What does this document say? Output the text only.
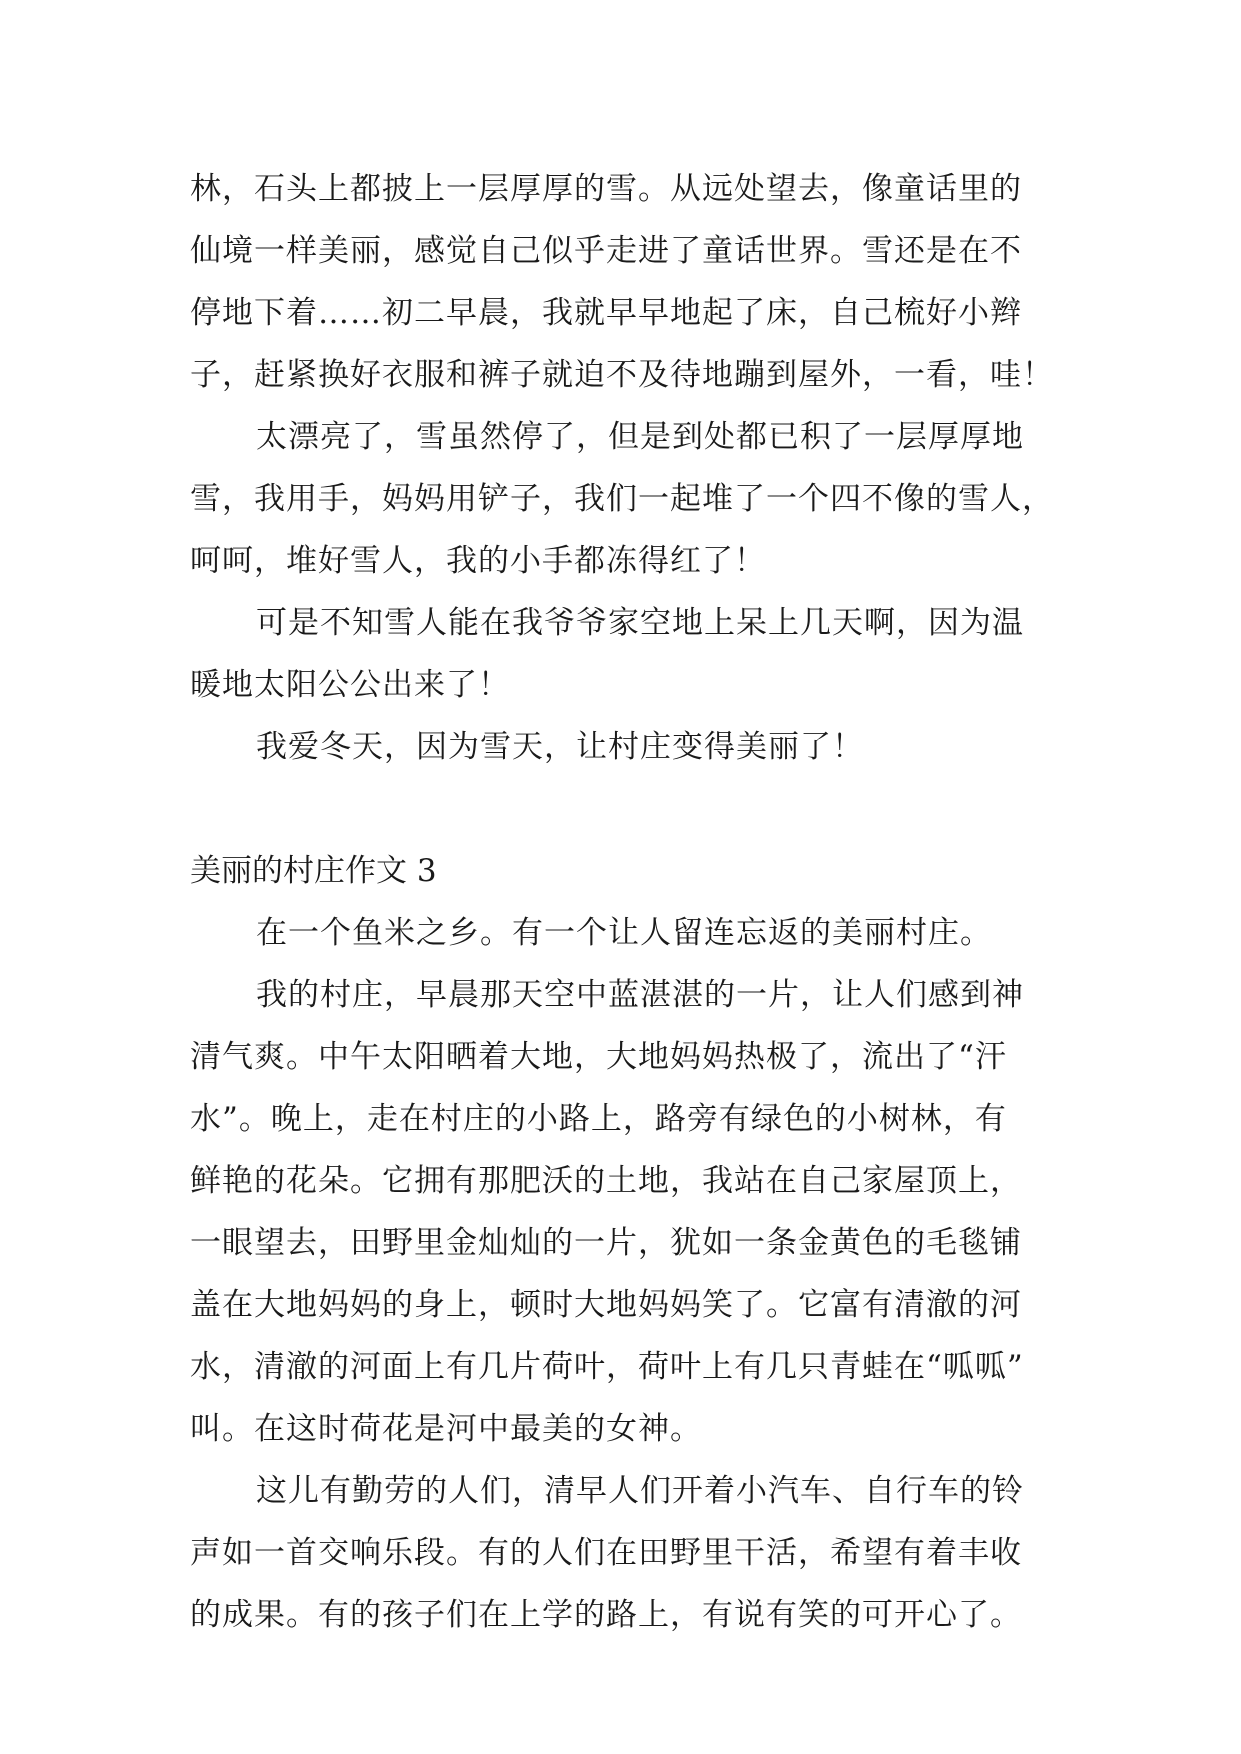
林，石头上都披上一层厚厚的雪。从远处望去，像童话里的
仙境一样美丽，感觉自己似乎走进了童话世界。雪还是在不
停地下着……初二早晨，我就早早地起了床，自己梳好小辫
子，赶紧换好衣服和裤子就迫不及待地蹦到屋外，一看，哇！
太漂亮了，雪虽然停了，但是到处都已积了一层厚厚地
雪，我用手，妈妈用铲子，我们一起堆了一个四不像的雪人，
呵呵，堆好雪人，我的小手都冻得红了！
可是不知雪人能在我爷爷家空地上呆上几天啊，因为温
暖地太阳公公出来了！
我爱冬天，因为雪天，让村庄变得美丽了！
美丽的村庄作文 3
在一个鱼米之乡。有一个让人留连忘返的美丽村庄。
我的村庄，早晨那天空中蓝湛湛的一片，让人们感到神
清气爽。中午太阳晒着大地，大地妈妈热极了，流出了“汗
水”。晚上，走在村庄的小路上，路旁有绿色的小树林，有
鲜艳的花朵。它拥有那肥沃的土地，我站在自己家屋顶上，
一眼望去，田野里金灿灿的一片，犹如一条金黄色的毛毯铺
盖在大地妈妈的身上，顿时大地妈妈笑了。它富有清澈的河
水，清澈的河面上有几片荷叶，荷叶上有几只青蛙在“呱呱”
叫。在这时荷花是河中最美的女神。
这儿有勤劳的人们，清早人们开着小汽车、自行车的铃
声如一首交响乐段。有的人们在田野里干活，希望有着丰收
的成果。有的孩子们在上学的路上，有说有笑的可开心了。
